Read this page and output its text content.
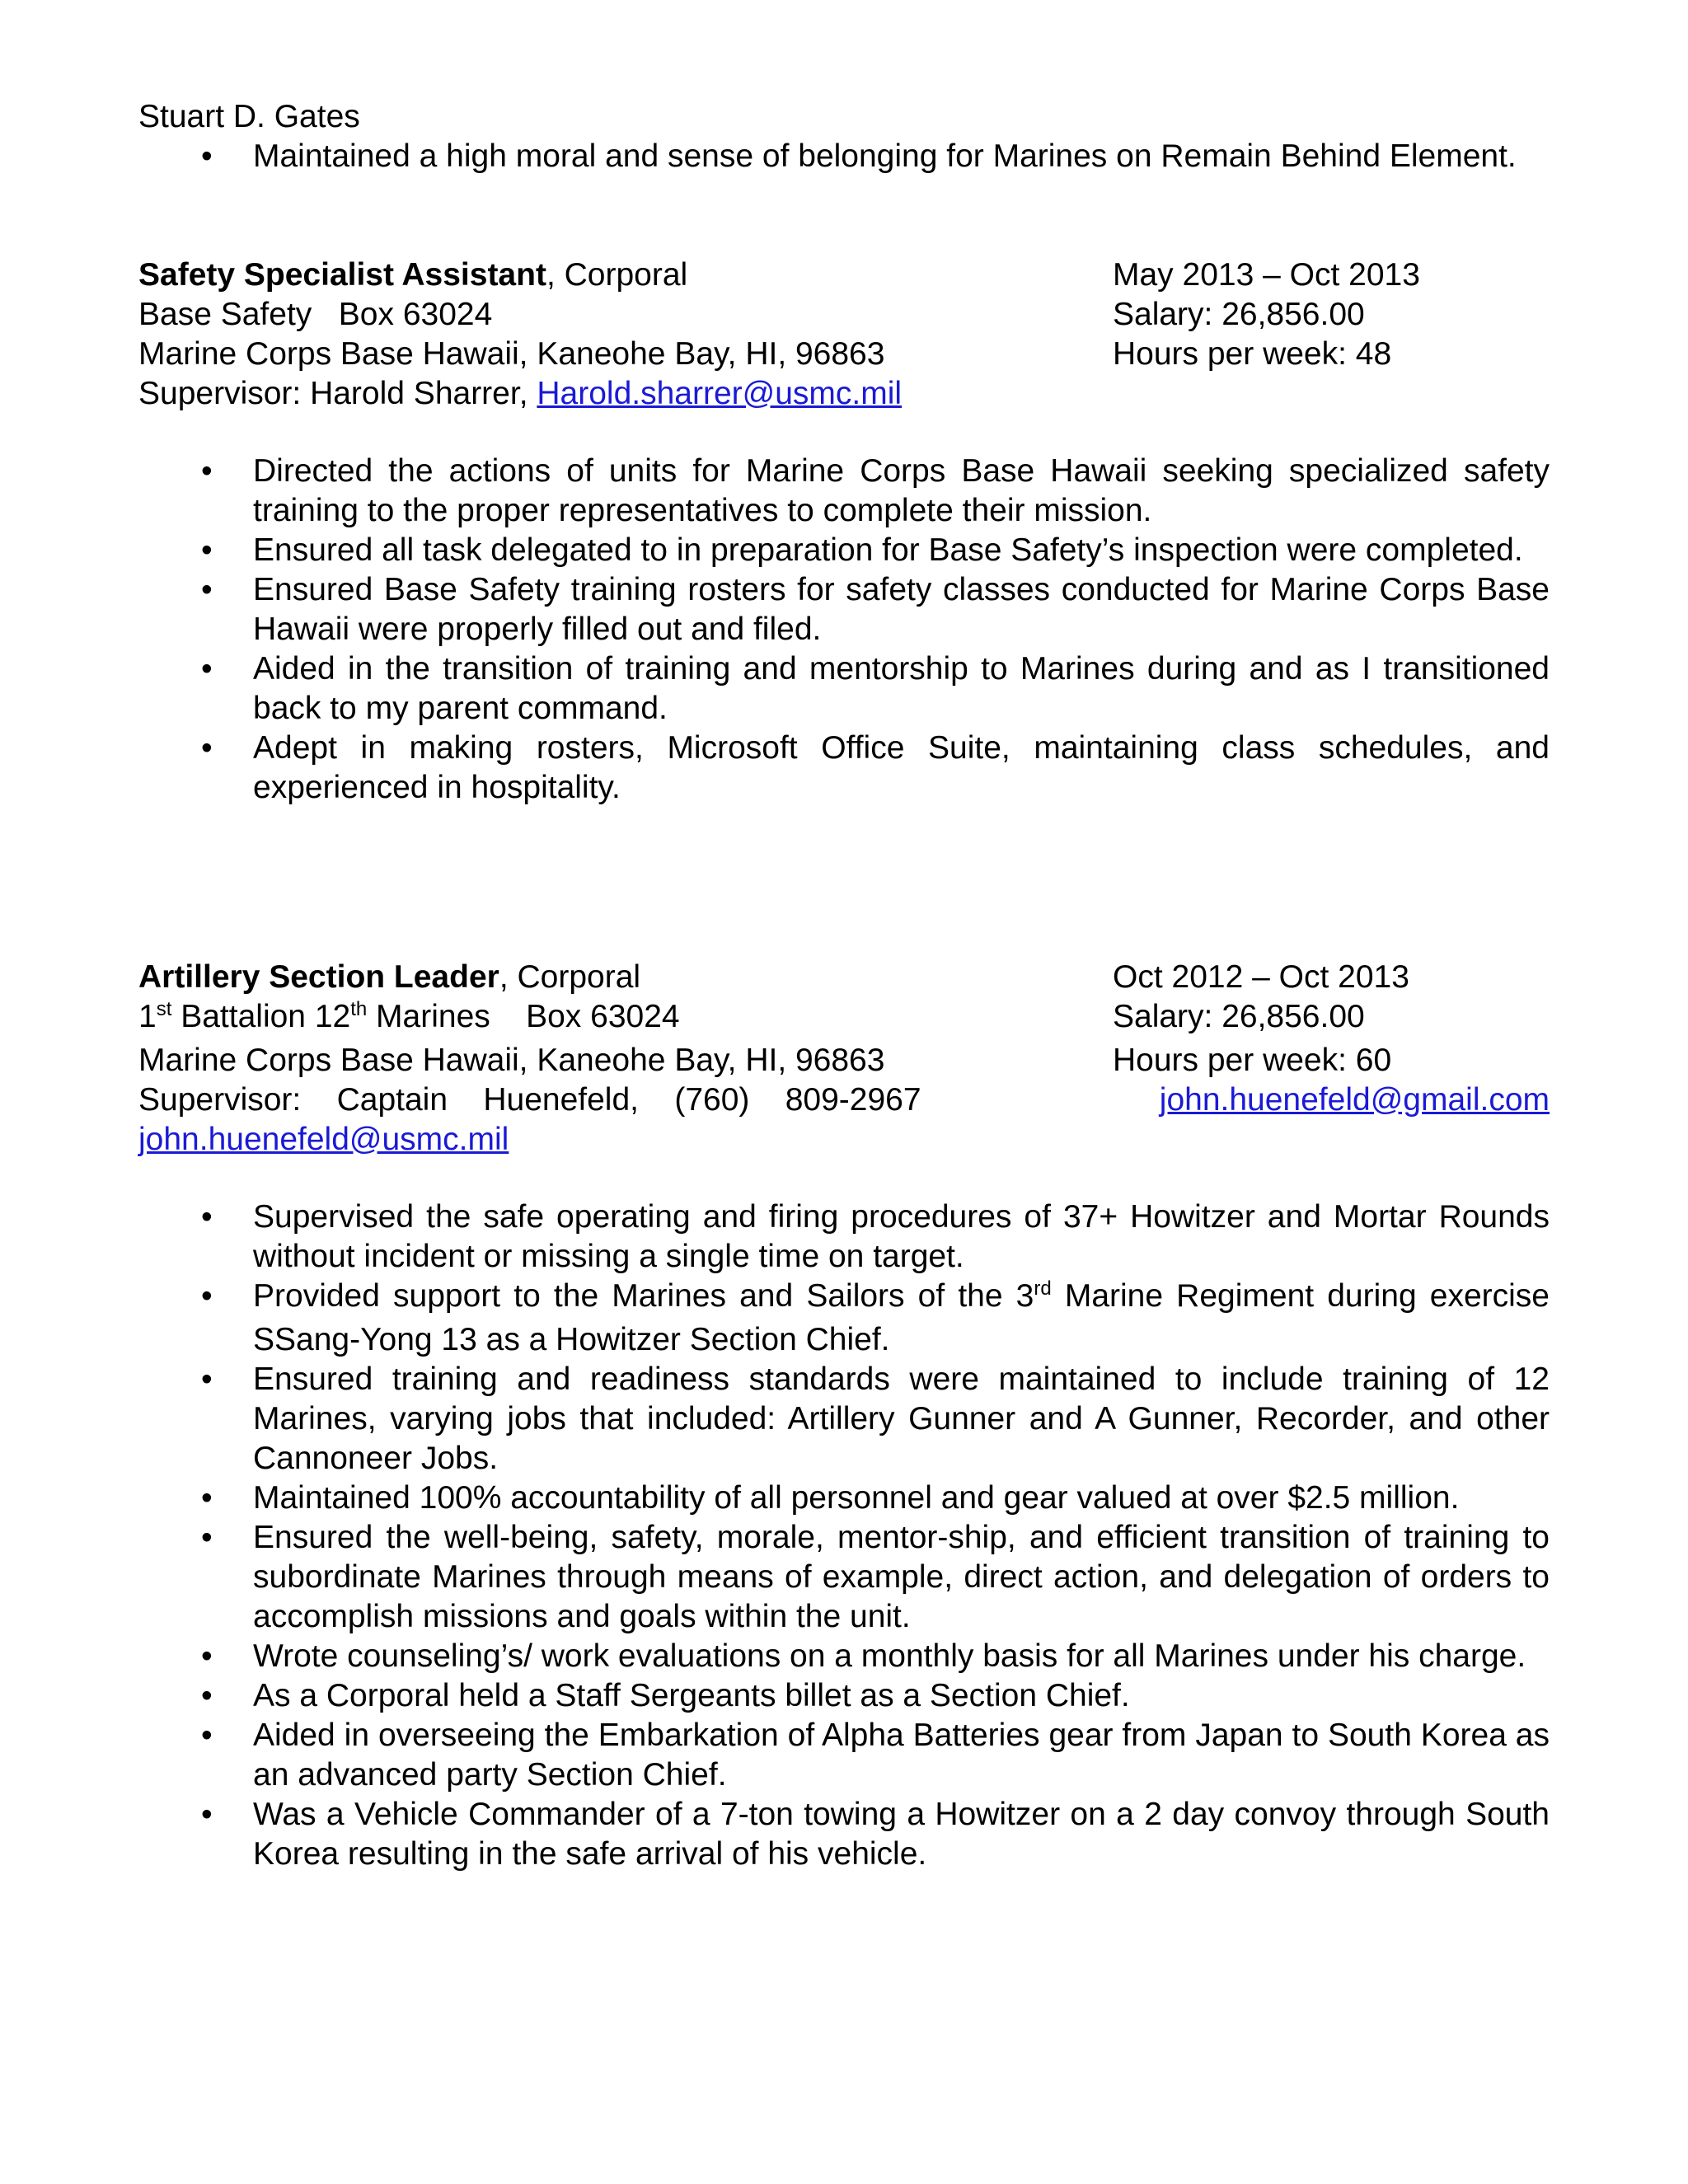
Stuart D. Gates
• Maintained a high moral and sense of belonging for Marines on Remain Behind Element.
Safety Specialist Assistant, Corporal	May 2013 – Oct 2013
Base Safety   Box 63024	Salary: 26,856.00
Marine Corps Base Hawaii, Kaneohe Bay, HI, 96863	Hours per week: 48
Supervisor: Harold Sharrer, Harold.sharrer@usmc.mil
• Directed the actions of units for Marine Corps Base Hawaii seeking specialized safety training to the proper representatives to complete their mission.
• Ensured all task delegated to in preparation for Base Safety’s inspection were completed.
• Ensured Base Safety training rosters for safety classes conducted for Marine Corps Base Hawaii were properly filled out and filed.
• Aided in the transition of training and mentorship to Marines during and as I transitioned back to my parent command.
• Adept in making rosters, Microsoft Office Suite, maintaining class schedules, and experienced in hospitality.
Artillery Section Leader, Corporal	Oct 2012 – Oct 2013
1st Battalion 12th Marines    Box 63024	Salary: 26,856.00
Marine Corps Base Hawaii, Kaneohe Bay, HI, 96863	Hours per week: 60
Supervisor:    Captain    Huenefeld,    (760)    809-2967	john.huenefeld@gmail.com
john.huenefeld@usmc.mil
• Supervised the safe operating and firing procedures of 37+ Howitzer and Mortar Rounds without incident or missing a single time on target.
• Provided support to the Marines and Sailors of the 3rd Marine Regiment during exercise SSang-Yong 13 as a Howitzer Section Chief.
• Ensured training and readiness standards were maintained to include training of 12 Marines, varying jobs that included: Artillery Gunner and A Gunner, Recorder, and other Cannoneer Jobs.
• Maintained 100% accountability of all personnel and gear valued at over $2.5 million.
• Ensured the well-being, safety, morale, mentor-ship, and efficient transition of training to subordinate Marines through means of example, direct action, and delegation of orders to accomplish missions and goals within the unit.
• Wrote counseling’s/ work evaluations on a monthly basis for all Marines under his charge.
• As a Corporal held a Staff Sergeants billet as a Section Chief.
• Aided in overseeing the Embarkation of Alpha Batteries gear from Japan to South Korea as an advanced party Section Chief.
• Was a Vehicle Commander of a 7-ton towing a Howitzer on a 2 day convoy through South Korea resulting in the safe arrival of his vehicle.
